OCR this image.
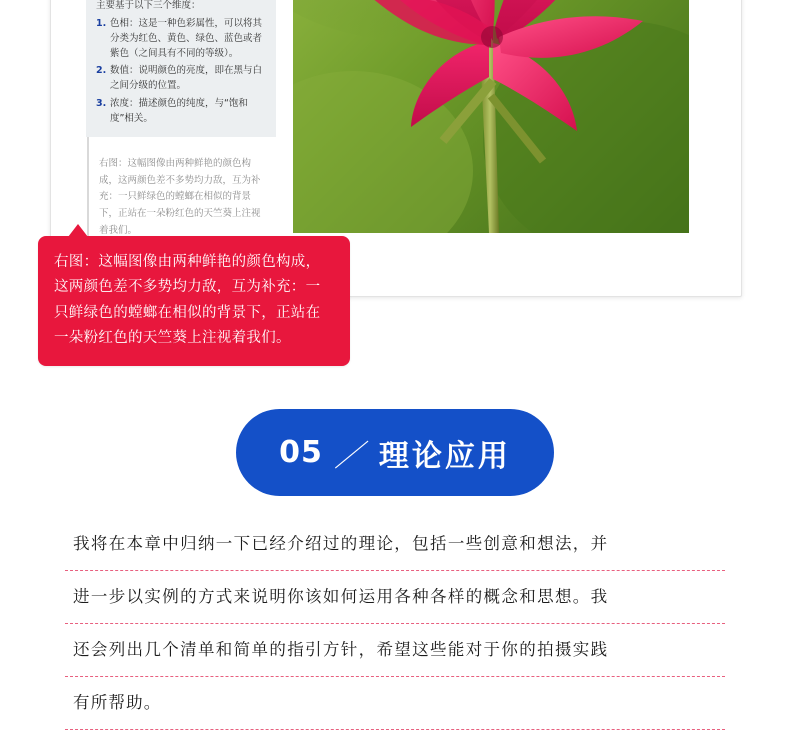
主要基于以下三个维度：

1. 色相：这是一种色彩属性，可以将其分类为红色、黄色、绿色、蓝色或者紫色（之间具有不同的等级）。
2. 数值：说明颜色的亮度，即在黑与白之间分级的位置。
3. 浓度：描述颜色的纯度，与“饱和度”相关。
右图：这幅图像由两种鲜艳的颜色构成，这两颜色差不多势均力敌，互为补充：一只鲜绿色的螳螂在相似的背景下，正站在一朵粉红色的天竺葵上注视着我们。
右图：这幅图像由两种鲜艳的颜色构成，这两颜色差不多势均力敌，互为补充：一只鲜绿色的螳螂在相似的背景下，正站在一朵粉红色的天竺葵上注视着我们。
05 ／ 理论应用
我将在本章中归纳一下已经介绍过的理论，包括一些创意和想法，并
进一步以实例的方式来说明你该如何运用各种各样的概念和思想。我
还会列出几个清单和简单的指引方针，希望这些能对于你的拍摄实践
有所帮助。
